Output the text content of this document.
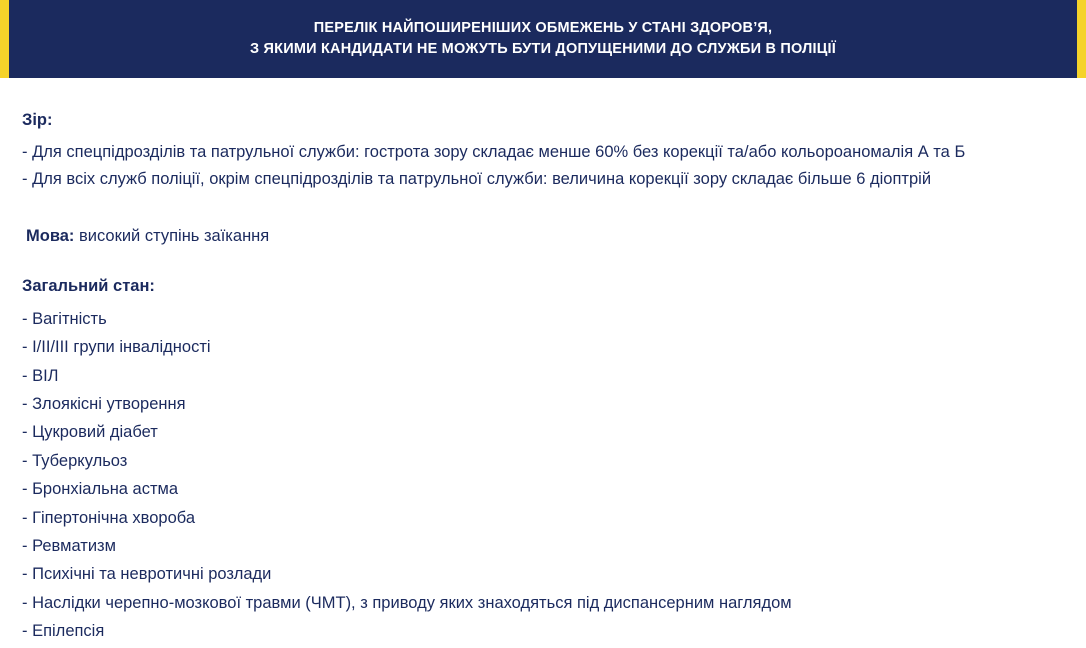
ПЕРЕЛІК НАЙПОШИРЕНІШИХ ОБМЕЖЕНЬ У СТАНІ ЗДОРОВ’Я,
З ЯКИМИ КАНДИДАТИ НЕ МОЖУТЬ БУТИ ДОПУЩЕНИМИ ДО СЛУЖБИ В ПОЛІЦІЇ
Зір:
- Для спецпідрозділів та патрульної служби: гострота зору складає менше 60% без корекції та/або кольороаномалія А та Б
- Для всіх служб поліції, окрім спецпідрозділів та патрульної служби: величина корекції зору складає більше 6 діоптрій
Мова: високий ступінь заїкання
Загальний стан:
- Вагітність
- I/II/III групи інвалідності
- ВІЛ
- Злоякісні утворення
- Цукровий діабет
- Туберкульоз
- Бронхіальна астма
- Гіпертонічна хвороба
- Ревматизм
- Психічні та невротичні розлади
- Наслідки черепно-мозкової травми (ЧМТ), з приводу яких знаходяться під диспансерним наглядом
- Епілепсія
